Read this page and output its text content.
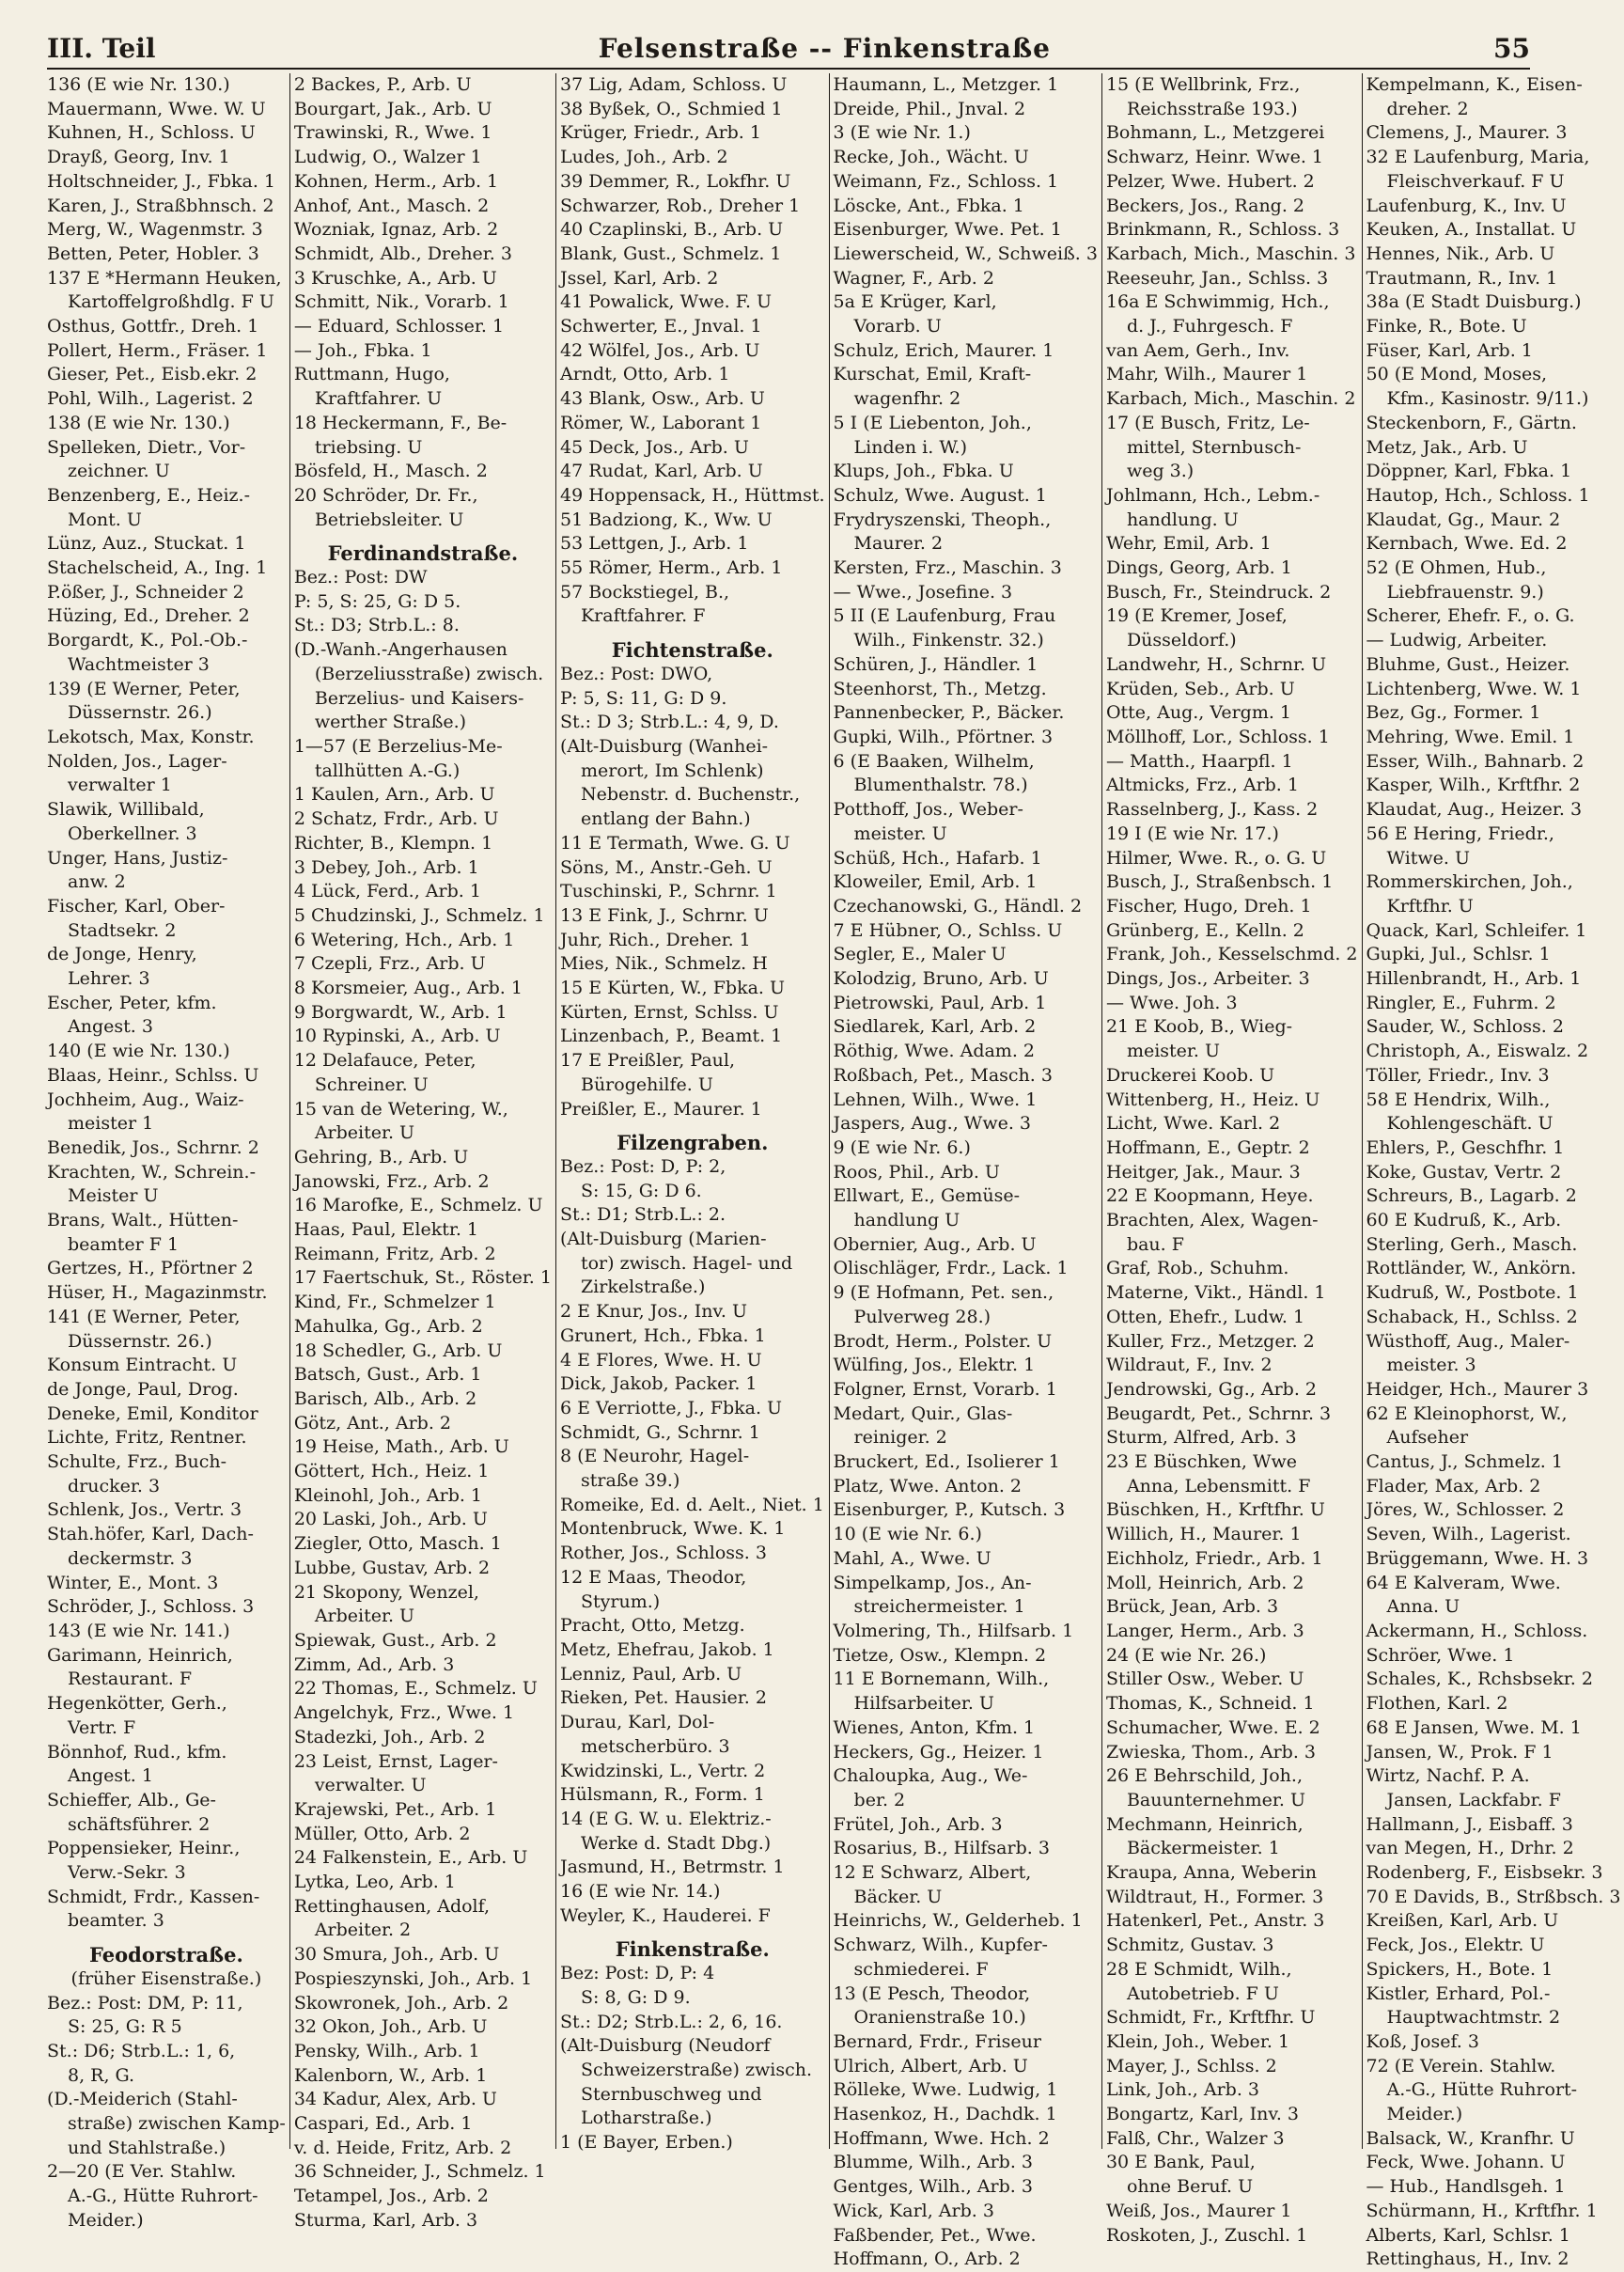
III. Teil	Felsenstraße -- Finkenstraße	55
136 (E wie Nr. 130.)
Mauermann, Wwe. W. U
Kuhnen, H., Schloss. U
Drayß, Georg, Inv. 1
Holtschneider, J., Fbka. 1
Karen, J., Straßbhnsch. 2
Merg, W., Wagenmstr. 3
Betten, Peter, Hobler. 3
137 E *Hermann Heuken,
Kartoffelgroßhdlg. F U
Osthus, Gottfr., Dreh. 1
Pollert, Herm., Fräser. 1
Gieser, Pet., Eisb.ekr. 2
Pohl, Wilh., Lagerist. 2
138 (E wie Nr. 130.)
Spelleken, Dietr., Vor-
zeichner. U
Benzenberg, E., Heiz.-
Mont. U
Lünz, Auz., Stuckat. 1
Stachelscheid, A., Ing. 1
P.ößer, J., Schneider 2
Hüzing, Ed., Dreher. 2
Borgardt, K., Pol.-Ob.-
Wachtmeister 3
139 (E Werner, Peter,
Düssernstr. 26.)
Lekotsch, Max, Konstr.
Nolden, Jos., Lager-
verwalter 1
Slawik, Willibald,
Oberkellner. 3
Unger, Hans, Justiz-
anw. 2
Fischer, Karl, Ober-
Stadtsekr. 2
de Jonge, Henry,
Lehrer. 3
Escher, Peter, kfm.
Angest. 3
140 (E wie Nr. 130.)
Blaas, Heinr., Schlss. U
Jochheim, Aug., Waiz-
meister 1
Benedik, Jos., Schrnr. 2
Krachten, W., Schrein.-
Meister U
Brans, Walt., Hütten-
beamter F 1
Gertzes, H., Pförtner 2
Hüser, H., Magazinmstr.
141 (E Werner, Peter,
Düssernstr. 26.)
Konsum Eintracht. U
de Jonge, Paul, Drog.
Deneke, Emil, Konditor
Lichte, Fritz, Rentner.
Schulte, Frz., Buch-
drucker. 3
Schlenk, Jos., Vertr. 3
Stah.höfer, Karl, Dach-
deckermstr. 3
Winter, E., Mont. 3
Schröder, J., Schloss. 3
143 (E wie Nr. 141.)
Garimann, Heinrich,
Restaurant. F
Hegenkötter, Gerh.,
Vertr. F
Bönnhof, Rud., kfm.
Angest. 1
Schieffer, Alb., Ge-
schäftsführer. 2
Poppensieker, Heinr.,
Verw.-Sekr. 3
Schmidt, Frdr., Kassen-
beamter. 3
Feodorstraße.
(früher Eisenstraße.)
Bez.: Post: DM, P: 11,
S: 25, G: R 5
St.: D6; Strb.L.: 1, 6,
8, R, G.
(D.-Meiderich (Stahl-
straße) zwischen Kamp-
und Stahlstraße.)
2—20 (E Ver. Stahlw.
A.-G., Hütte Ruhrort-
Meider.)
2 Backes, P., Arb. U
Bourgart, Jak., Arb. U
Trawinski, R., Wwe. 1
Ludwig, O., Walzer 1
Kohnen, Herm., Arb. 1
Anhof, Ant., Masch. 2
Wozniak, Ignaz, Arb. 2
Schmidt, Alb., Dreher. 3
3 Kruschke, A., Arb. U
Schmitt, Nik., Vorarb. 1
— Eduard, Schlosser. 1
— Joh., Fbka. 1
Ruttmann, Hugo,
Kraftfahrer. U
18 Heckermann, F., Be-
triebsing. U
Bösfeld, H., Masch. 2
20 Schröder, Dr. Fr.,
Betriebsleiter. U
Ferdinandstraße.
Bez.: Post: DW
P: 5, S: 25, G: D 5.
St.: D3; Strb.L.: 8.
(D.-Wanh.-Angerhausen
(Berzeliusstraße) zwisch.
Berzelius- und Kaisers-
werther Straße.)
1—57 (E Berzelius-Me-
tallhütten A.-G.)
1 Kaulen, Arn., Arb. U
2 Schatz, Frdr., Arb. U
Richter, B., Klempn. 1
3 Debey, Joh., Arb. 1
4 Lück, Ferd., Arb. 1
5 Chudzinski, J., Schmelz. 1
6 Wetering, Hch., Arb. 1
7 Czepli, Frz., Arb. U
8 Korsmeier, Aug., Arb. 1
9 Borgwardt, W., Arb. 1
10 Rypinski, A., Arb. U
12 Delafauce, Peter,
Schreiner. U
15 van de Wetering, W.,
Arbeiter. U
Gehring, B., Arb. U
Janowski, Frz., Arb. 2
16 Marofke, E., Schmelz. U
Haas, Paul, Elektr. 1
Reimann, Fritz, Arb. 2
17 Faertschuk, St., Röster. 1
Kind, Fr., Schmelzer 1
Mahulka, Gg., Arb. 2
18 Schedler, G., Arb. U
Batsch, Gust., Arb. 1
Barisch, Alb., Arb. 2
Götz, Ant., Arb. 2
19 Heise, Math., Arb. U
Göttert, Hch., Heiz. 1
Kleinohl, Joh., Arb. 1
20 Laski, Joh., Arb. U
Ziegler, Otto, Masch. 1
Lubbe, Gustav, Arb. 2
21 Skopony, Wenzel,
Arbeiter. U
Spiewak, Gust., Arb. 2
Zimm, Ad., Arb. 3
22 Thomas, E., Schmelz. U
Angelchyk, Frz., Wwe. 1
Stadezki, Joh., Arb. 2
23 Leist, Ernst, Lager-
verwalter. U
Krajewski, Pet., Arb. 1
Müller, Otto, Arb. 2
24 Falkenstein, E., Arb. U
Lytka, Leo, Arb. 1
Rettinghausen, Adolf,
Arbeiter. 2
30 Smura, Joh., Arb. U
Pospieszynski, Joh., Arb. 1
Skowronek, Joh., Arb. 2
32 Okon, Joh., Arb. U
Pensky, Wilh., Arb. 1
Kalenborn, W., Arb. 1
34 Kadur, Alex, Arb. U
Caspari, Ed., Arb. 1
v. d. Heide, Fritz, Arb. 2
36 Schneider, J., Schmelz. 1
Tetampel, Jos., Arb. 2
Sturma, Karl, Arb. 3
37 Lig, Adam, Schloss. U
38 Byßek, O., Schmied 1
Krüger, Friedr., Arb. 1
Ludes, Joh., Arb. 2
39 Demmer, R., Lokfhr. U
Schwarzer, Rob., Dreher 1
40 Czaplinski, B., Arb. U
Blank, Gust., Schmelz. 1
Jssel, Karl, Arb. 2
41 Powalick, Wwe. F. U
Schwerter, E., Jnval. 1
42 Wölfel, Jos., Arb. U
Arndt, Otto, Arb. 1
43 Blank, Osw., Arb. U
Römer, W., Laborant 1
45 Deck, Jos., Arb. U
47 Rudat, Karl, Arb. U
49 Hoppensack, H., Hüttmst.
51 Badziong, K., Ww. U
53 Lettgen, J., Arb. 1
55 Römer, Herm., Arb. 1
57 Bockstiegel, B.,
Kraftfahrer. F
Fichtenstraße.
Bez.: Post: DWO,
P: 5, S: 11, G: D 9.
St.: D 3; Strb.L.: 4, 9, D.
(Alt-Duisburg (Wanhei-
merort, Im Schlenk)
Nebenstr. d. Buchenstr.,
entlang der Bahn.)
11 E Termath, Wwe. G. U
Söns, M., Anstr.-Geh. U
Tuschinski, P., Schrnr. 1
13 E Fink, J., Schrnr. U
Juhr, Rich., Dreher. 1
Mies, Nik., Schmelz. H
15 E Kürten, W., Fbka. U
Kürten, Ernst, Schlss. U
Linzenbach, P., Beamt. 1
17 E Preißler, Paul,
Bürogehilfe. U
Preißler, E., Maurer. 1
Filzengraben.
Bez.: Post: D, P: 2,
S: 15, G: D 6.
St.: D1; Strb.L.: 2.
(Alt-Duisburg (Marien-
tor) zwisch. Hagel- und
Zirkelstraße.)
2 E Knur, Jos., Inv. U
Grunert, Hch., Fbka. 1
4 E Flores, Wwe. H. U
Dick, Jakob, Packer. 1
6 E Verriotte, J., Fbka. U
Schmidt, G., Schrnr. 1
8 (E Neurohr, Hagel-
straße 39.)
Romeike, Ed. d. Aelt., Niet. 1
Montenbruck, Wwe. K. 1
Rother, Jos., Schloss. 3
12 E Maas, Theodor,
Styrum.)
Pracht, Otto, Metzg.
Metz, Ehefrau, Jakob. 1
Lenniz, Paul, Arb. U
Rieken, Pet. Hausier. 2
Durau, Karl, Dol-
metscherbüro. 3
Kwidzinski, L., Vertr. 2
Hülsmann, R., Form. 1
14 (E G. W. u. Elektriz.-
Werke d. Stadt Dbg.)
Jasmund, H., Betrmstr. 1
16 (E wie Nr. 14.)
Weyler, K., Hauderei. F
Finkenstraße.
Bez: Post: D, P: 4
S: 8, G: D 9.
St.: D2; Strb.L.: 2, 6, 16.
(Alt-Duisburg (Neudorf
Schweizerstraße) zwisch.
Sternbuschweg und
Lotharstraße.)
1 (E Bayer, Erben.)
Haumann, L., Metzger. 1
Dreide, Phil., Jnval. 2
3 (E wie Nr. 1.)
Recke, Joh., Wächt. U
Weimann, Fz., Schloss. 1
Löscke, Ant., Fbka. 1
Eisenburger, Wwe. Pet. 1
Liewerscheid, W., Schweiß. 3
Wagner, F., Arb. 2
5a E Krüger, Karl,
Vorarb. U
Schulz, Erich, Maurer. 1
Kurschat, Emil, Kraft-
wagenfhr. 2
5 I (E Liebenton, Joh.,
Linden i. W.)
Klups, Joh., Fbka. U
Schulz, Wwe. August. 1
Frydryszenski, Theoph.,
Maurer. 2
Kersten, Frz., Maschin. 3
— Wwe., Josefine. 3
5 II (E Laufenburg, Frau
Wilh., Finkenstr. 32.)
Schüren, J., Händler. 1
Steenhorst, Th., Metzg.
Pannenbecker, P., Bäcker.
Gupki, Wilh., Pförtner. 3
6 (E Baaken, Wilhelm,
Blumenthalstr. 78.)
Potthoff, Jos., Weber-
meister. U
Schüß, Hch., Hafarb. 1
Kloweiler, Emil, Arb. 1
Czechanowski, G., Händl. 2
7 E Hübner, O., Schlss. U
Segler, E., Maler U
Kolodzig, Bruno, Arb. U
Pietrowski, Paul, Arb. 1
Siedlarek, Karl, Arb. 2
Röthig, Wwe. Adam. 2
Roßbach, Pet., Masch. 3
Lehnen, Wilh., Wwe. 1
Jaspers, Aug., Wwe. 3
9 (E wie Nr. 6.)
Roos, Phil., Arb. U
Ellwart, E., Gemüse-
handlung U
Obernier, Aug., Arb. U
Olischläger, Frdr., Lack. 1
9 (E Hofmann, Pet. sen.,
Pulverweg 28.)
Brodt, Herm., Polster. U
Wülfing, Jos., Elektr. 1
Folgner, Ernst, Vorarb. 1
Medart, Quir., Glas-
reiniger. 2
Bruckert, Ed., Isolierer 1
Platz, Wwe. Anton. 2
Eisenburger, P., Kutsch. 3
10 (E wie Nr. 6.)
Mahl, A., Wwe. U
Simpelkamp, Jos., An-
streichermeister. 1
Volmering, Th., Hilfsarb. 1
Tietze, Osw., Klempn. 2
11 E Bornemann, Wilh.,
Hilfsarbeiter. U
Wienes, Anton, Kfm. 1
Heckers, Gg., Heizer. 1
Chaloupka, Aug., We-
ber. 2
Frütel, Joh., Arb. 3
Rosarius, B., Hilfsarb. 3
12 E Schwarz, Albert,
Bäcker. U
Heinrichs, W., Gelderheb. 1
Schwarz, Wilh., Kupfer-
schmiederei. F
13 (E Pesch, Theodor,
Oranienstraße 10.)
Bernard, Frdr., Friseur
Ulrich, Albert, Arb. U
Rölleke, Wwe. Ludwig, 1
Hasenkoz, H., Dachdk. 1
Hoffmann, Wwe. Hch. 2
Blumme, Wilh., Arb. 3
Gentges, Wilh., Arb. 3
Wick, Karl, Arb. 3
Faßbender, Pet., Wwe.
Hoffmann, O., Arb. 2
15 (E Wellbrink, Frz.,
Reichsstraße 193.)
Bohmann, L., Metzgerei
Schwarz, Heinr. Wwe. 1
Pelzer, Wwe. Hubert. 2
Beckers, Jos., Rang. 2
Brinkmann, R., Schloss. 3
Karbach, Mich., Maschin. 3
Reeseuhr, Jan., Schlss. 3
16a E Schwimmig, Hch.,
d. J., Fuhrgesch. F
van Aem, Gerh., Inv.
Mahr, Wilh., Maurer 1
Karbach, Mich., Maschin. 2
17 (E Busch, Fritz, Le-
mittel, Sternbusch-
weg 3.)
Johlmann, Hch., Lebm.-
handlung. U
Wehr, Emil, Arb. 1
Dings, Georg, Arb. 1
Busch, Fr., Steindruck. 2
19 (E Kremer, Josef,
Düsseldorf.)
Landwehr, H., Schrnr. U
Krüden, Seb., Arb. U
Otte, Aug., Vergm. 1
Möllhoff, Lor., Schloss. 1
— Matth., Haarpfl. 1
Altmicks, Frz., Arb. 1
Rasselnberg, J., Kass. 2
19 I (E wie Nr. 17.)
Hilmer, Wwe. R., o. G. U
Busch, J., Straßenbsch. 1
Fischer, Hugo, Dreh. 1
Grünberg, E., Kelln. 2
Frank, Joh., Kesselschmd. 2
Dings, Jos., Arbeiter. 3
— Wwe. Joh. 3
21 E Koob, B., Wieg-
meister. U
Druckerei Koob. U
Wittenberg, H., Heiz. U
Licht, Wwe. Karl. 2
Hoffmann, E., Geptr. 2
Heitger, Jak., Maur. 3
22 E Koopmann, Heye.
Brachten, Alex, Wagen-
bau. F
Graf, Rob., Schuhm.
Materne, Vikt., Händl. 1
Otten, Ehefr., Ludw. 1
Kuller, Frz., Metzger. 2
Wildraut, F., Inv. 2
Jendrowski, Gg., Arb. 2
Beugardt, Pet., Schrnr. 3
Sturm, Alfred, Arb. 3
23 E Büschken, Wwe
Anna, Lebensmitt. F
Büschken, H., Krftfhr. U
Willich, H., Maurer. 1
Eichholz, Friedr., Arb. 1
Moll, Heinrich, Arb. 2
Brück, Jean, Arb. 3
Langer, Herm., Arb. 3
24 (E wie Nr. 26.)
Stiller Osw., Weber. U
Thomas, K., Schneid. 1
Schumacher, Wwe. E. 2
Zwieska, Thom., Arb. 3
26 E Behrschild, Joh.,
Bauunternehmer. U
Mechmann, Heinrich,
Bäckermeister. 1
Kraupa, Anna, Weberin
Wildtraut, H., Former. 3
Hatenkerl, Pet., Anstr. 3
Schmitz, Gustav. 3
28 E Schmidt, Wilh.,
Autobetrieb. F U
Schmidt, Fr., Krftfhr. U
Klein, Joh., Weber. 1
Mayer, J., Schlss. 2
Link, Joh., Arb. 3
Bongartz, Karl, Inv. 3
Falß, Chr., Walzer 3
30 E Bank, Paul,
ohne Beruf. U
Weiß, Jos., Maurer 1
Roskoten, J., Zuschl. 1
Kempelmann, K., Eisen-
dreher. 2
Clemens, J., Maurer. 3
32 E Laufenburg, Maria,
Fleischverkauf. F U
Laufenburg, K., Inv. U
Keuken, A., Installat. U
Hennes, Nik., Arb. U
Trautmann, R., Inv. 1
38a (E Stadt Duisburg.)
Finke, R., Bote. U
Füser, Karl, Arb. 1
50 (E Mond, Moses,
Kfm., Kasinostr. 9/11.)
Steckenborn, F., Gärtn.
Metz, Jak., Arb. U
Döppner, Karl, Fbka. 1
Hautop, Hch., Schloss. 1
Klaudat, Gg., Maur. 2
Kernbach, Wwe. Ed. 2
52 (E Ohmen, Hub.,
Liebfrauenstr. 9.)
Scherer, Ehefr. F., o. G.
— Ludwig, Arbeiter.
Bluhme, Gust., Heizer.
Lichtenberg, Wwe. W. 1
Bez, Gg., Former. 1
Mehring, Wwe. Emil. 1
Esser, Wilh., Bahnarb. 2
Kasper, Wilh., Krftfhr. 2
Klaudat, Aug., Heizer. 3
56 E Hering, Friedr.,
Witwe. U
Rommerskirchen, Joh.,
Krftfhr. U
Quack, Karl, Schleifer. 1
Gupki, Jul., Schlsr. 1
Hillenbrandt, H., Arb. 1
Ringler, E., Fuhrm. 2
Sauder, W., Schloss. 2
Christoph, A., Eiswalz. 2
Töller, Friedr., Inv. 3
58 E Hendrix, Wilh.,
Kohlengeschäft. U
Ehlers, P., Geschfhr. 1
Koke, Gustav, Vertr. 2
Schreurs, B., Lagarb. 2
60 E Kudruß, K., Arb.
Sterling, Gerh., Masch.
Rottländer, W., Ankörn.
Kudruß, W., Postbote. 1
Schaback, H., Schlss. 2
Wüsthoff, Aug., Maler-
meister. 3
Heidger, Hch., Maurer 3
62 E Kleinophorst, W.,
Aufseher
Cantus, J., Schmelz. 1
Flader, Max, Arb. 2
Jöres, W., Schlosser. 2
Seven, Wilh., Lagerist.
Brüggemann, Wwe. H. 3
64 E Kalveram, Wwe.
Anna. U
Ackermann, H., Schloss.
Schröer, Wwe. 1
Schales, K., Rchsbsekr. 2
Flothen, Karl. 2
68 E Jansen, Wwe. M. 1
Jansen, W., Prok. F 1
Wirtz, Nachf. P. A.
Jansen, Lackfabr. F
Hallmann, J., Eisbaff. 3
van Megen, H., Drhr. 2
Rodenberg, F., Eisbsekr. 3
70 E Davids, B., Strßbsch. 3
Kreißen, Karl, Arb. U
Feck, Jos., Elektr. U
Spickers, H., Bote. 1
Kistler, Erhard, Pol.-
Hauptwachtmstr. 2
Koß, Josef. 3
72 (E Verein. Stahlw.
A.-G., Hütte Ruhrort-
Meider.)
Balsack, W., Kranfhr. U
Feck, Wwe. Johann. U
— Hub., Handlsgeh. 1
Schürmann, H., Krftfhr. 1
Alberts, Karl, Schlsr. 1
Rettinghaus, H., Inv. 2
